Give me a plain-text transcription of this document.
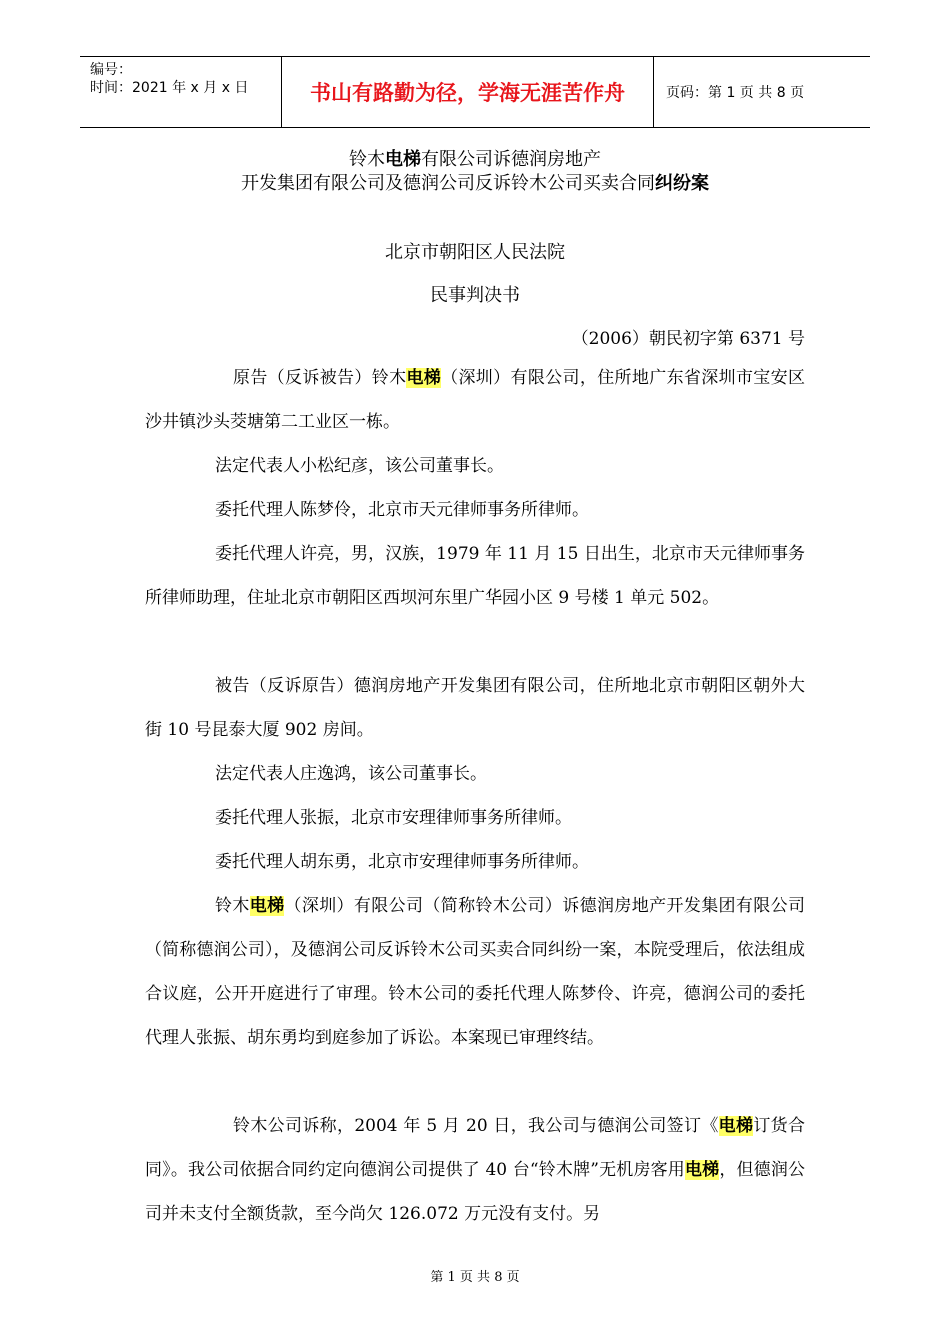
编号：
时间：2021 年 x 月 x 日	书山有路勤为径，学海无涯苦作舟	页码：第 1 页 共 8 页
铃木电梯有限公司诉德润房地产
开发集团有限公司及德润公司反诉铃木公司买卖合同纠纷案
北京市朝阳区人民法院
民事判决书
（2006）朝民初字第 6371 号
原告（反诉被告）铃木电梯（深圳）有限公司，住所地广东省深圳市宝安区沙井镇沙头茭塘第二工业区一栋。
法定代表人小松纪彦，该公司董事长。
委托代理人陈梦伶，北京市天元律师事务所律师。
委托代理人许亮，男，汉族，1979 年 11 月 15 日出生，北京市天元律师事务所律师助理，住址北京市朝阳区西坝河东里广华园小区 9 号楼 1 单元 502。
被告（反诉原告）德润房地产开发集团有限公司，住所地北京市朝阳区朝外大街 10 号昆泰大厦 902 房间。
法定代表人庄逸鸿，该公司董事长。
委托代理人张振，北京市安理律师事务所律师。
委托代理人胡东勇，北京市安理律师事务所律师。
铃木电梯（深圳）有限公司（简称铃木公司）诉德润房地产开发集团有限公司（简称德润公司），及德润公司反诉铃木公司买卖合同纠纷一案，本院受理后，依法组成合议庭，公开开庭进行了审理。铃木公司的委托代理人陈梦伶、许亮，德润公司的委托代理人张振、胡东勇均到庭参加了诉讼。本案现已审理终结。
铃木公司诉称，2004 年 5 月 20 日，我公司与德润公司签订《电梯订货合同》。我公司依据合同约定向德润公司提供了 40 台“铃木牌”无机房客用电梯，但德润公司并未支付全额货款，至今尚欠 126.072 万元没有支付。另
第 1 页 共 8 页
